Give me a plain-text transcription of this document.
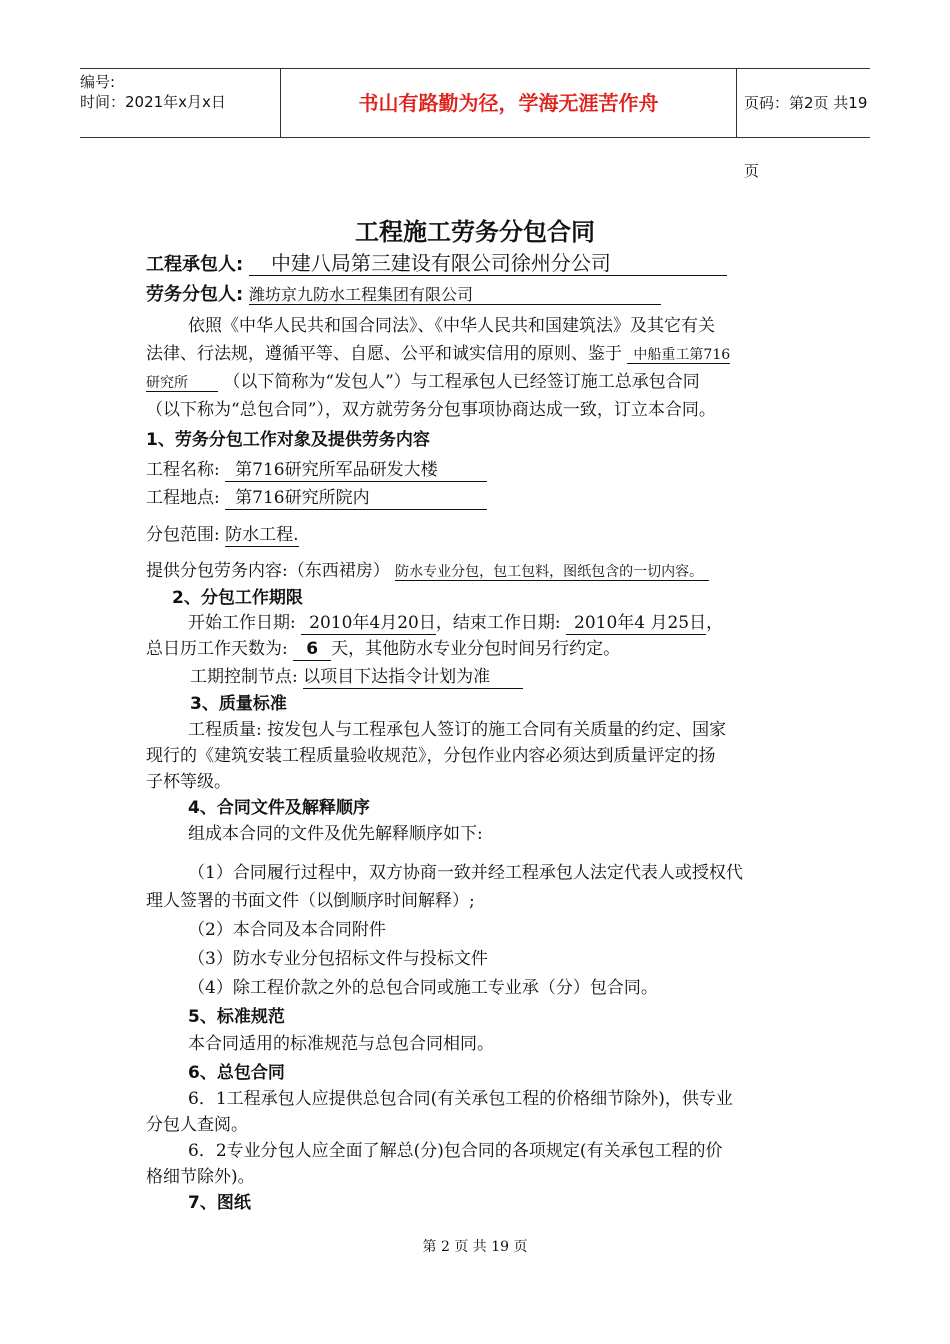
编号:
时间：2021年x月x日	书山有路勤为径，学海无涯苦作舟	页码：第2页 共19页
工程施工劳务分包合同
工程承包人: 中建八局第三建设有限公司徐州分公司
劳务分包人: 潍坊京九防水工程集团有限公司
依照《中华人民共和国合同法》、《中华人民共和国建筑法》及其它有关
法律、行法规，遵循平等、自愿、公平和诚实信用的原则、鉴于 中船重工第716
研究所 （以下简称为“发包人”）与工程承包人已经签订施工总承包合同
（以下称为“总包合同”），双方就劳务分包事项协商达成一致，订立本合同。
1、劳务分包工作对象及提供劳务内容
工程名称: 第716研究所军品研发大楼
工程地点: 第716研究所院内
分包范围: 防水工程.
提供分包劳务内容:（东西裙房） 防水专业分包，包工包料，图纸包含的一切内容。
2、分包工作期限
开始工作日期: 2010年4月20日，结束工作日期: 2010年4 月25日，
总日历工作天数为: 6 天，其他防水专业分包时间另行约定。
工期控制节点: 以项目下达指令计划为准
3、质量标准
工程质量: 按发包人与工程承包人签订的施工合同有关质量的约定、国家
现行的《建筑安装工程质量验收规范》，分包作业内容必须达到质量评定的扬
子杯等级。
4、合同文件及解释顺序
组成本合同的文件及优先解释顺序如下:
（1）合同履行过程中，双方协商一致并经工程承包人法定代表人或授权代
理人签署的书面文件（以倒顺序时间解释）;
（2）本合同及本合同附件
（3）防水专业分包招标文件与投标文件
（4）除工程价款之外的总包合同或施工专业承（分）包合同。
5、标准规范
本合同适用的标准规范与总包合同相同。
6、总包合同
6．1工程承包人应提供总包合同(有关承包工程的价格细节除外)，供专业
分包人查阅。
6．2专业分包人应全面了解总(分)包合同的各项规定(有关承包工程的价
格细节除外)。
7、图纸
第 2 页 共 19 页
